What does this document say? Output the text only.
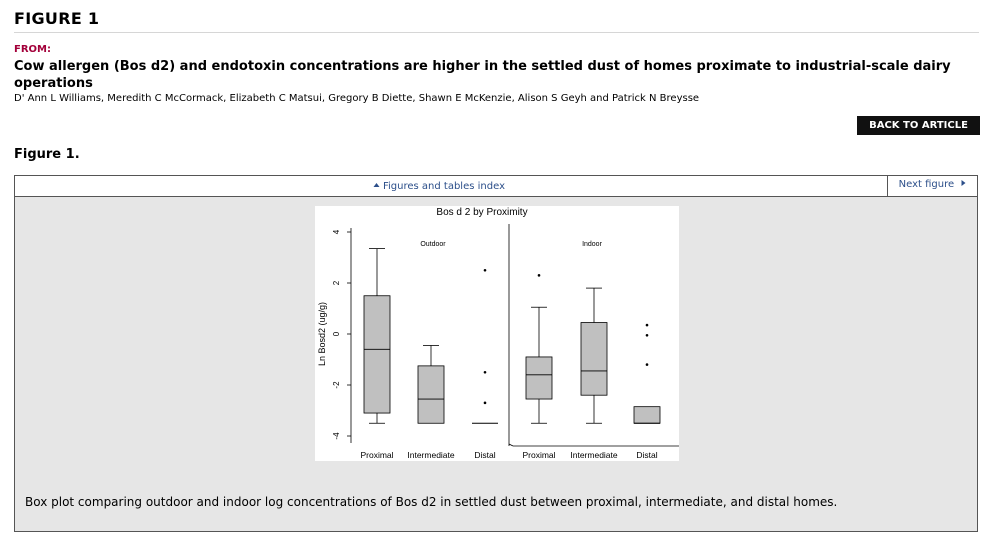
FIGURE 1
FROM:
Cow allergen (Bos d2) and endotoxin concentrations are higher in the settled dust of homes proximate to industrial-scale dairy operations
D' Ann L Williams, Meredith C McCormack, Elizabeth C Matsui, Gregory B Diette, Shawn E McKenzie, Alison S Geyh and Patrick N Breysse
BACK TO ARTICLE
Figure 1.
Figures and tables index	Next figure
Bos d 2 by Proximity
Ln Bosd2 (ug/g)
-4
-2
0
2
4
Outdoor
Proximal Intermediate Distal
Indoor
Proximal Intermediate Distal
Box plot comparing outdoor and indoor log concentrations of Bos d2 in settled dust between proximal, intermediate, and distal homes.
